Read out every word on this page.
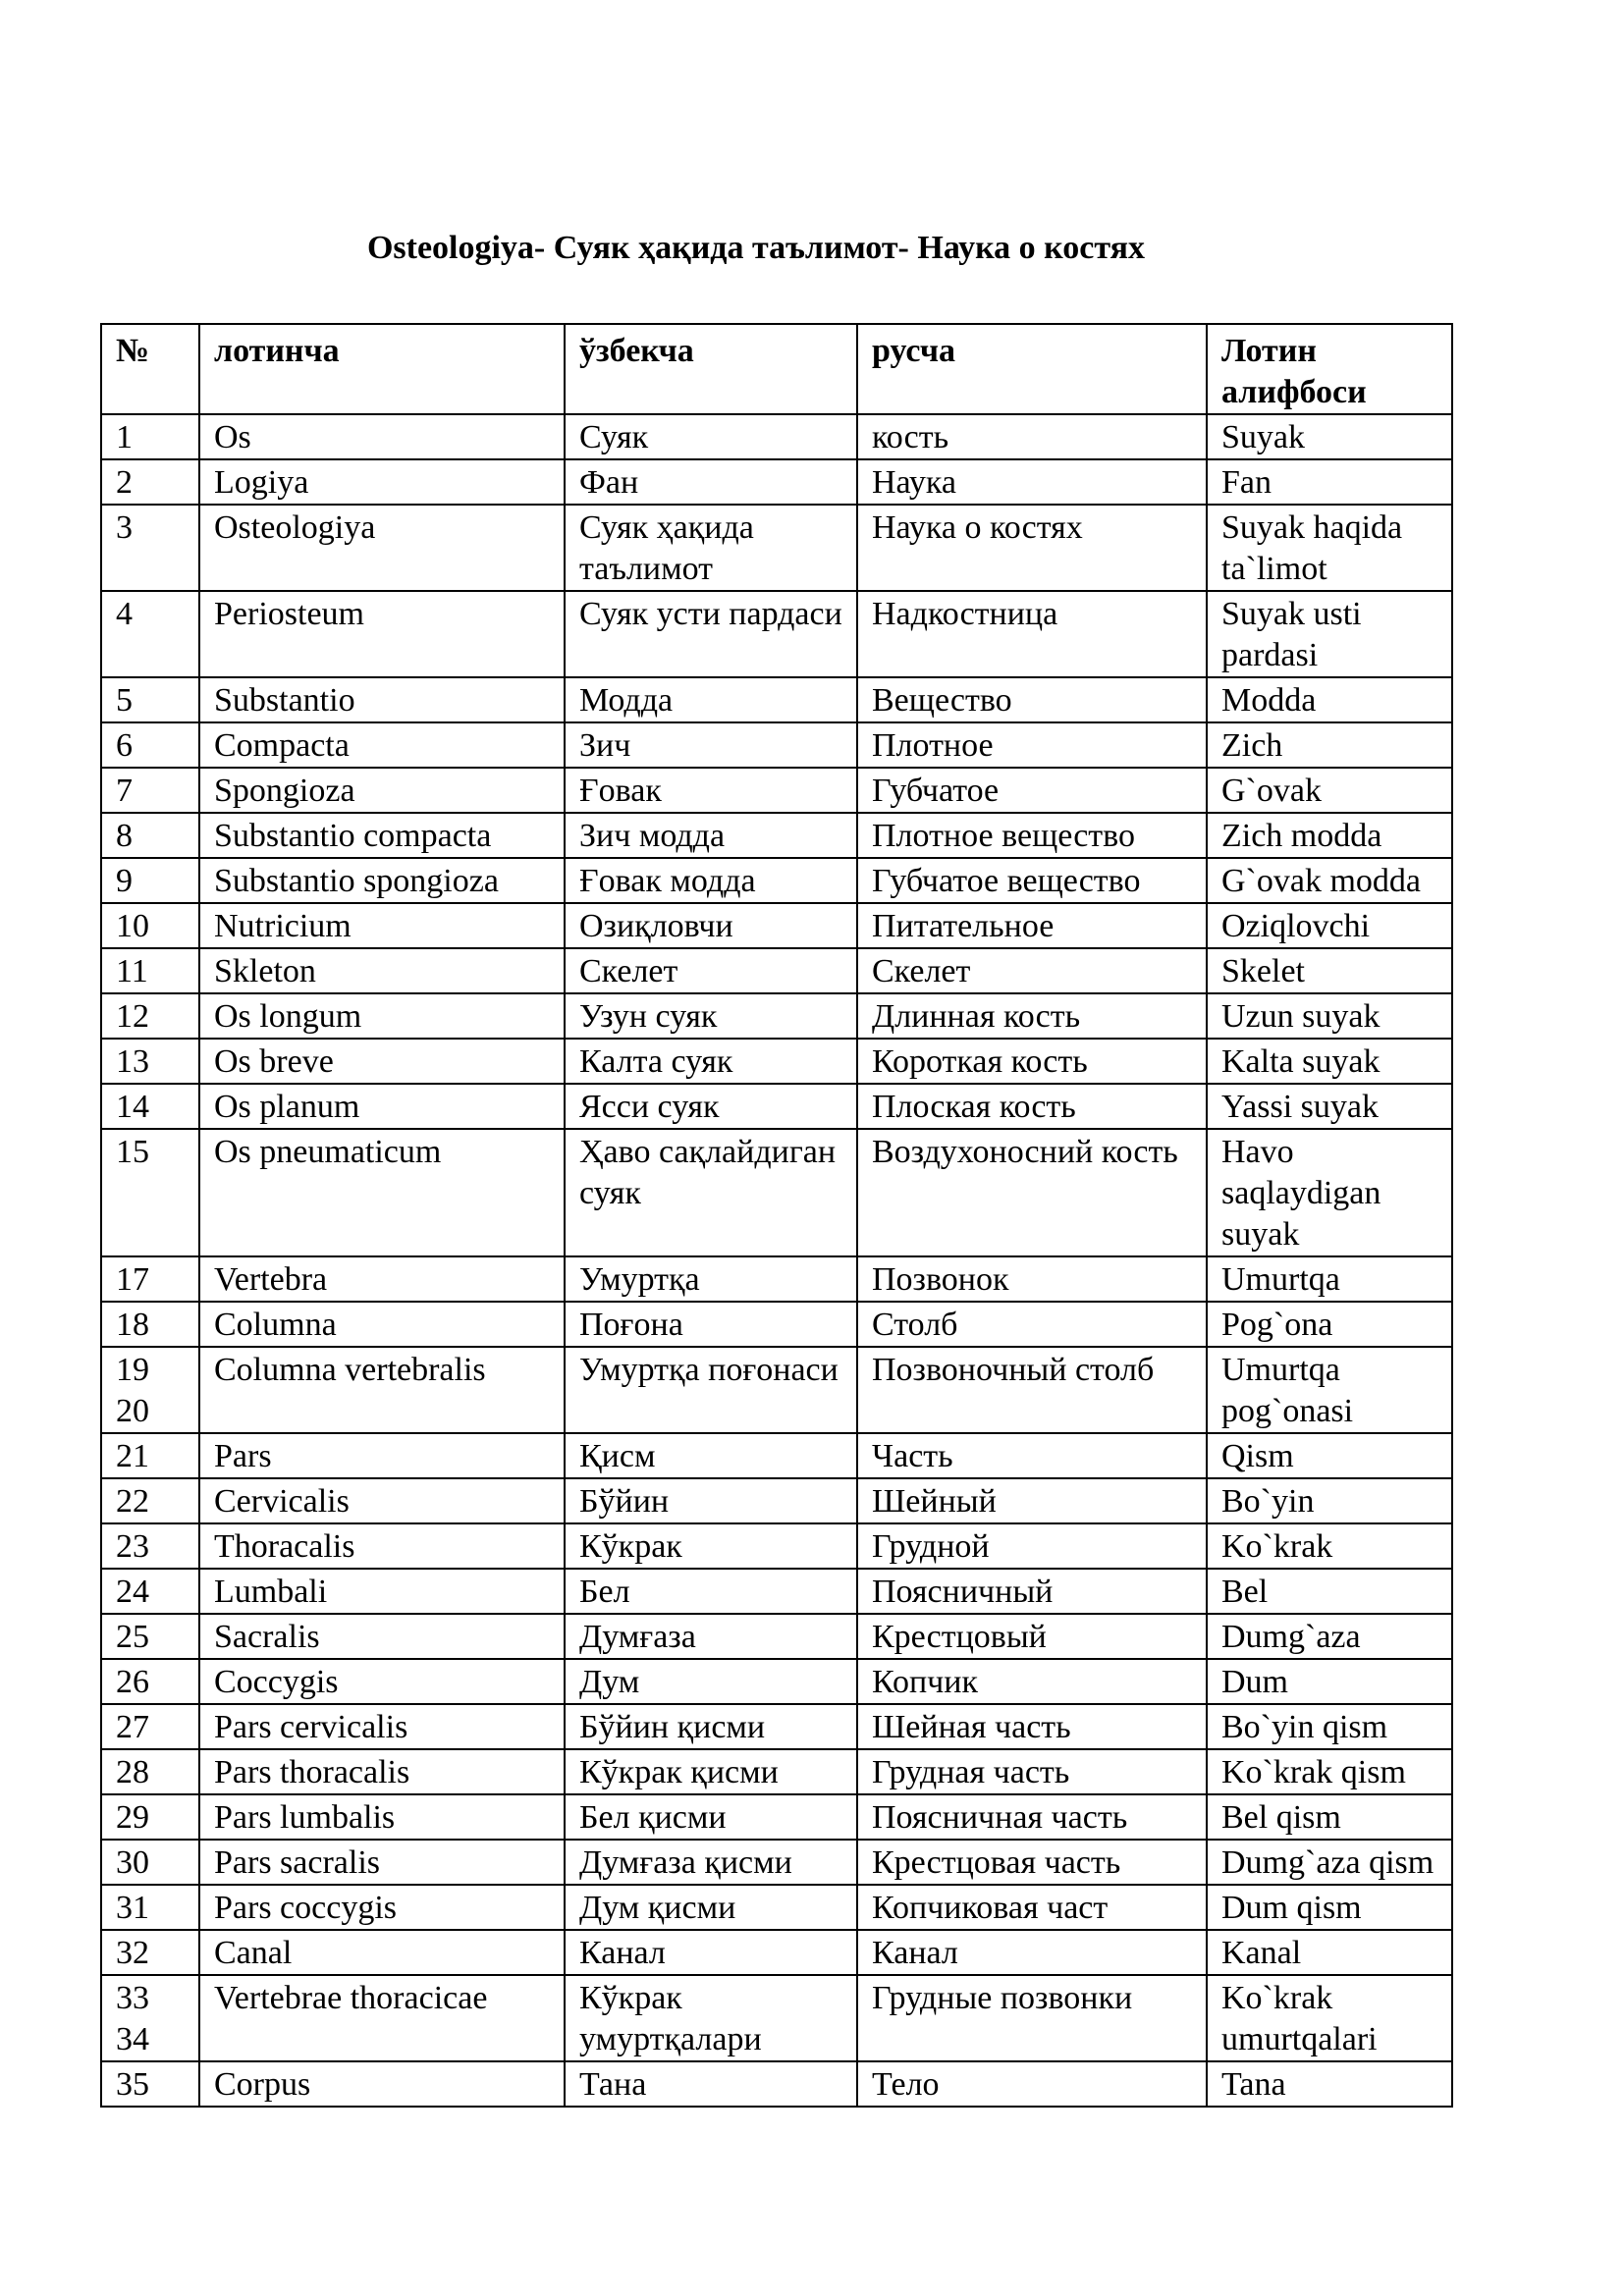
Osteologiya- Суяк ҳақида таълимот- Наука о костях
№	лотинча	ўзбекча	русча	Лотин алифбоси
1	Os	Суяк	кость	Suyak
2	Logiya	Фан	Наука	Fan
3	Osteologiya	Суяк ҳақида таълимот	Наука о костях	Suyak haqida ta`limot
4	Periosteum	Суяк усти пардаси	Надкостница	Suyak usti pardasi
5	Substantio	Модда	Вещество	Modda
6	Compacta	Зич	Плотное	Zich
7	Spongioza	Ғовак	Губчатое	G`ovak
8	Substantio compacta	Зич модда	Плотное вещество	Zich modda
9	Substantio spongioza	Ғовак модда	Губчатое вещество	G`ovak modda
10	Nutricium	Озиқловчи	Питательное	Oziqlovchi
11	Skleton	Скелет	Скелет	Skelet
12	Os longum	Узун суяк	Длинная кость	Uzun suyak
13	Os breve	Калта суяк	Короткая кость	Kalta suyak
14	Os planum	Ясси суяк	Плоская кость	Yassi suyak
15	Os pneumaticum	Ҳаво сақлайдиган суяк	Воздухоносний кость	Havo saqlaydigan suyak
17	Vertebra	Умуртқа	Позвонок	Umurtqa
18	Columna	Поғона	Столб	Pog`ona
19 20	Columna vertebralis	Умуртқа поғонаси	Позвоночный столб	Umurtqa pog`onasi
21	Pars	Қисм	Часть	Qism
22	Cervicalis	Бўйин	Шейный	Bo`yin
23	Thoracalis	Кўкрак	Грудной	Ko`krak
24	Lumbali	Бел	Поясничный	Bel
25	Sacralis	Думғаза	Крестцовый	Dumg`aza
26	Coccygis	Дум	Копчик	Dum
27	Pars cervicalis	Бўйин қисми	Шейная часть	Bo`yin qism
28	Pars thoracalis	Кўкрак қисми	Грудная часть	Ko`krak qism
29	Pars lumbalis	Бел қисми	Поясничная часть	Bel qism
30	Pars sacralis	Думғаза қисми	Крестцовая часть	Dumg`aza qism
31	Pars coccygis	Дум қисми	Копчиковая част	Dum qism
32	Canal	Канал	Канал	Kanal
33 34	Vertebrae thoracicae	Кўкрак умуртқалари	Грудные позвонки	Ko`krak umurtqalari
35	Corpus	Тана	Тело	Tana
